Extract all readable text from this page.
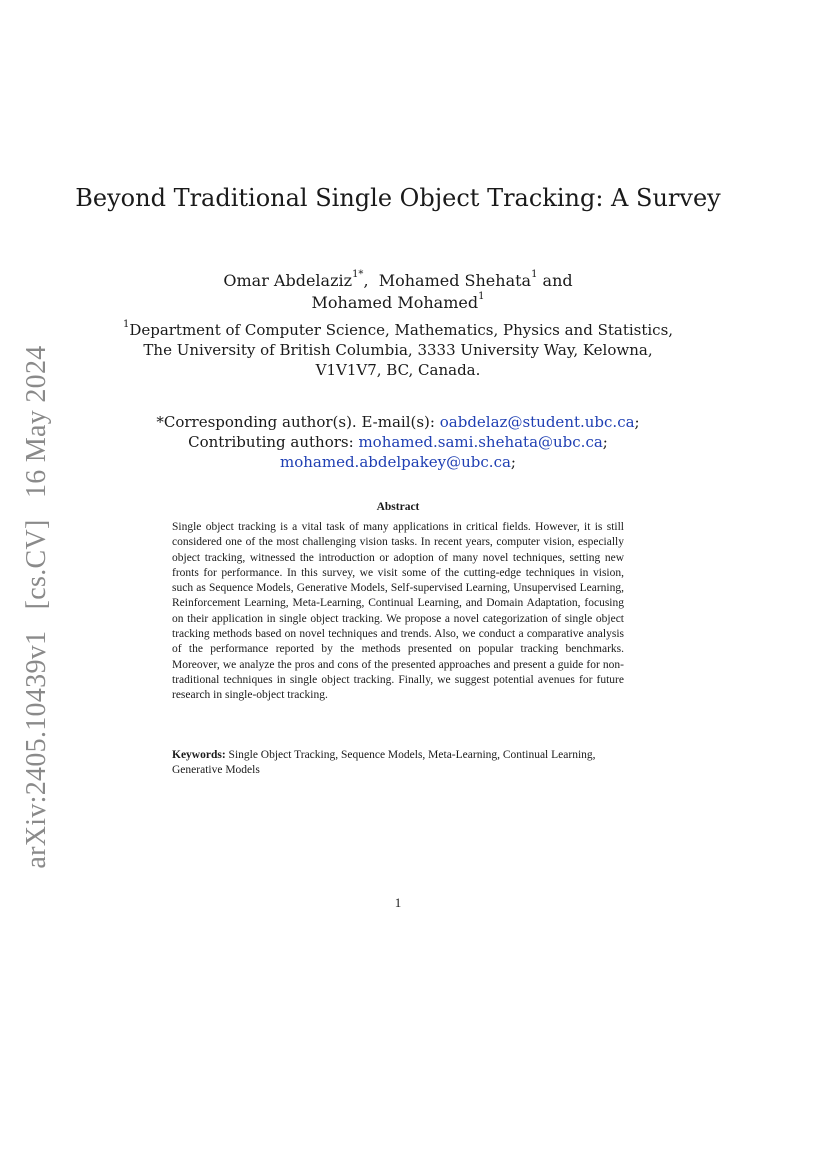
arXiv:2405.10439v1 [cs.CV] 16 May 2024
Beyond Traditional Single Object Tracking: A Survey
Omar Abdelaziz$^{1*}$,  Mohamed Shehata$^1$ and
Mohamed Mohamed$^1$
$^1$Department of Computer Science, Mathematics, Physics and Statistics,
The University of British Columbia, 3333 University Way, Kelowna,
V1V1V7, BC, Canada.
*Corresponding author(s). E-mail(s): oabdelaz@student.ubc.ca;
Contributing authors: mohamed.sami.shehata@ubc.ca;
mohamed.abdelpakey@ubc.ca;
Abstract
Single object tracking is a vital task of many applications in critical fields. However, it is still considered one of the most challenging vision tasks. In recent years, computer vision, especially object tracking, witnessed the introduction or adoption of many novel techniques, setting new fronts for performance. In this survey, we visit some of the cutting-edge techniques in vision, such as Sequence Models, Generative Models, Self-supervised Learning, Unsupervised Learning, Reinforcement Learning, Meta-Learning, Continual Learning, and Domain Adaptation, focusing on their application in single object tracking. We propose a novel categorization of single object tracking methods based on novel techniques and trends. Also, we conduct a comparative analysis of the performance reported by the methods presented on popular tracking benchmarks. Moreover, we analyze the pros and cons of the presented approaches and present a guide for non-traditional techniques in single object tracking. Finally, we suggest potential avenues for future research in single-object tracking.
Keywords: Single Object Tracking, Sequence Models, Meta-Learning, Continual Learning, Generative Models
1
